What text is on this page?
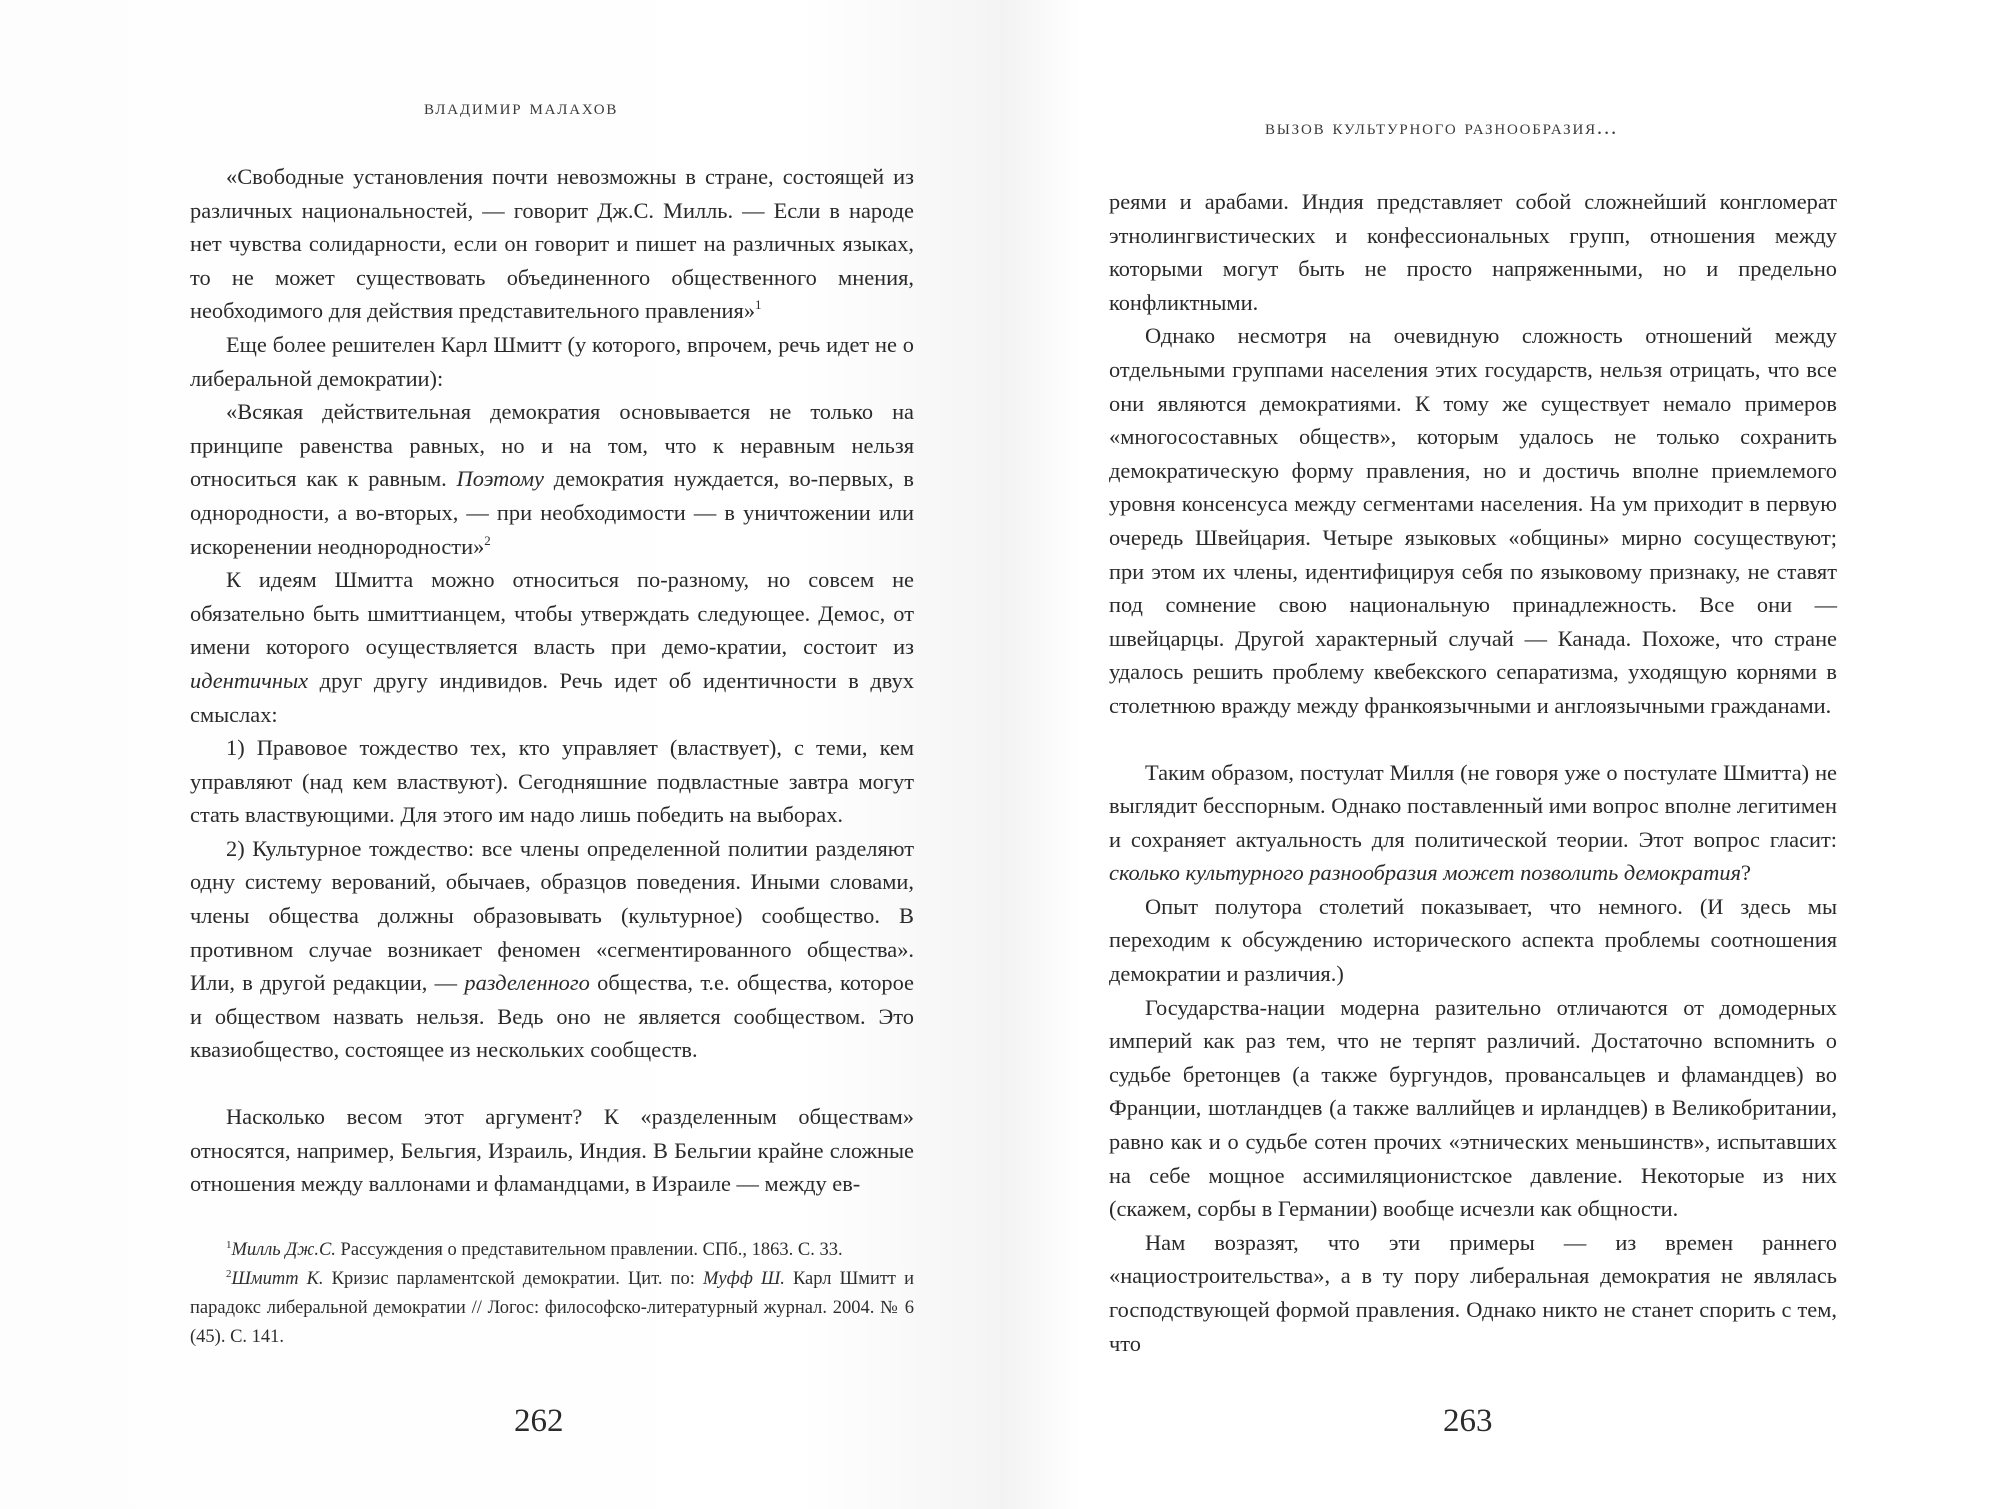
владимир малахов

«Свободные установления почти невозможны в стране, состоящей из различных национальностей, — говорит Дж.С. Милль. — Если в народе нет чувства солидарности, если он говорит и пишет на различных языках, то не может существовать объединенного общественного мнения, необходимого для действия представительного правления»$^1$

Еще более решителен Карл Шмитт (у которого, впрочем, речь идет не о либеральной демократии):

«Всякая действительная демократия основывается не только на принципе равенства равных, но и на том, что к неравным нельзя относиться как к равным. Поэтому демократия нуждается, во-первых, в однородности, а во-вторых, — при необходимости — в уничтожении или искоренении неоднородности»$^2$

К идеям Шмитта можно относиться по-разному, но совсем не обязательно быть шмиттианцем, чтобы утверждать следующее. Демос, от имени которого осуществляется власть при демо-кратии, состоит из идентичных друг другу индивидов. Речь идет об идентичности в двух смыслах:

1) Правовое тождество тех, кто управляет (властвует), с теми, кем управляют (над кем властвуют). Сегодняшние подвластные завтра могут стать властвующими. Для этого им надо лишь победить на выборах.

2) Культурное тождество: все члены определенной политии разделяют одну систему верований, обычаев, образцов поведения. Иными словами, члены общества должны образовывать (культурное) сообщество. В противном случае возникает феномен «сегментированного общества». Или, в другой редакции, — разделенного общества, т.е. общества, которое и обществом назвать нельзя. Ведь оно не является сообществом. Это квазиобщество, состоящее из нескольких сообществ.

Насколько весом этот аргумент? К «разделенным обществам» относятся, например, Бельгия, Израиль, Индия. В Бельгии крайне сложные отношения между валлонами и фламандцами, в Израиле — между ев-

$^1$Милль Дж.С. Рассуждения о представительном правлении. СПб., 1863. С. 33.

$^2$Шмитт К. Кризис парламентской демократии. Цит. по: Муфф Ш. Карл Шмитт и парадокс либеральной демократии // Логос: философско-литературный журнал. 2004. № 6 (45). С. 141.

262
вызов культурного разнообразия...

реями и арабами. Индия представляет собой сложнейший конгломерат этнолингвистических и конфессиональных групп, отношения между которыми могут быть не просто напряженными, но и предельно конфликтными.

Однако несмотря на очевидную сложность отношений между отдельными группами населения этих государств, нельзя отрицать, что все они являются демократиями. К тому же существует немало примеров «многосоставных обществ», которым удалось не только сохранить демократическую форму правления, но и достичь вполне приемлемого уровня консенсуса между сегментами населения. На ум приходит в первую очередь Швейцария. Четыре языковых «общины» мирно сосуществуют; при этом их члены, идентифицируя себя по языковому признаку, не ставят под сомнение свою национальную принадлежность. Все они — швейцарцы. Другой характерный случай — Канада. Похоже, что стране удалось решить проблему квебекского сепаратизма, уходящую корнями в столетнюю вражду между франкоязычными и англоязычными гражданами.

Таким образом, постулат Милля (не говоря уже о постулате Шмитта) не выглядит бесспорным. Однако поставленный ими вопрос вполне легитимен и сохраняет актуальность для политической теории. Этот вопрос гласит: сколько культурного разнообразия может позволить демократия?

Опыт полутора столетий показывает, что немного. (И здесь мы переходим к обсуждению исторического аспекта проблемы соотношения демократии и различия.)

Государства-нации модерна разительно отличаются от домодерных империй как раз тем, что не терпят различий. Достаточно вспомнить о судьбе бретонцев (а также бургундов, провансальцев и фламандцев) во Франции, шотландцев (а также валлийцев и ирландцев) в Великобритании, равно как и о судьбе сотен прочих «этнических меньшинств», испытавших на себе мощное ассимиляционистское давление. Некоторые из них (скажем, сорбы в Германии) вообще исчезли как общности.

Нам возразят, что эти примеры — из времен раннего «нациостроительства», а в ту пору либеральная демократия не являлась господствующей формой правления. Однако никто не станет спорить с тем, что

263
